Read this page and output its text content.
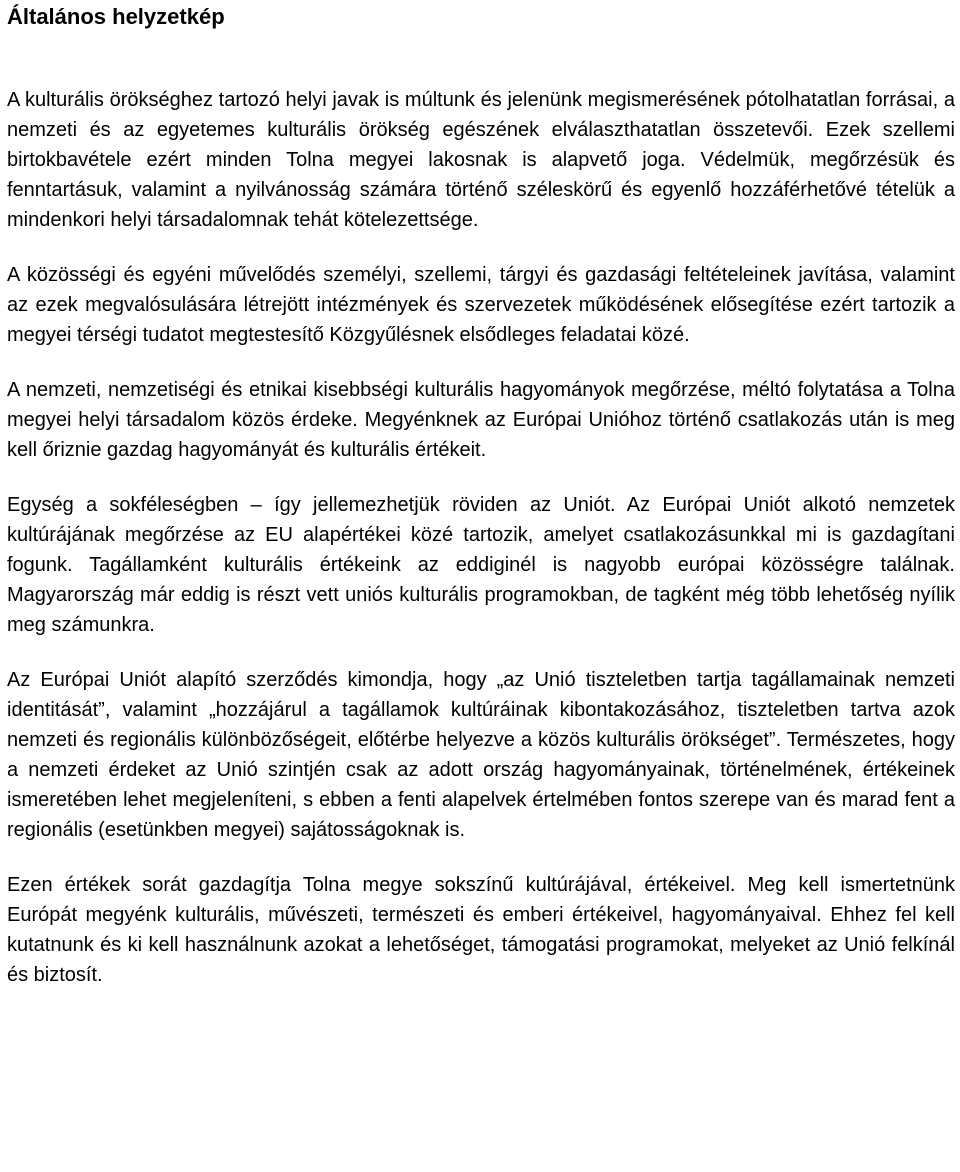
Általános helyzetkép

A kulturális örökséghez tartozó helyi javak is múltunk és jelenünk megismerésének pótolhatatlan forrásai, a nemzeti és az egyetemes kulturális örökség egészének elválaszthatatlan összetevői. Ezek szellemi birtokbavétele ezért minden Tolna megyei lakosnak is alapvető joga. Védelmük, megőrzésük és fenntartásuk, valamint a nyilvánosság számára történő széleskörű és egyenlő hozzáférhetővé tételük a mindenkori helyi társadalomnak tehát kötelezettsége.

A közösségi és egyéni művelődés személyi, szellemi, tárgyi és gazdasági feltételeinek javítása, valamint az ezek megvalósulására létrejött intézmények és szervezetek működésének elősegítése ezért tartozik a megyei térségi tudatot megtestesítő Közgyűlésnek elsődleges feladatai közé.

A nemzeti, nemzetiségi és etnikai kisebbségi kulturális hagyományok megőrzése, méltó folytatása a Tolna megyei helyi társadalom közös érdeke. Megyénknek az Európai Unióhoz történő csatlakozás után is meg kell őriznie gazdag hagyományát és kulturális értékeit.

Egység a sokféleségben – így jellemezhetjük röviden az Uniót. Az Európai Uniót alkotó nemzetek kultúrájának megőrzése az EU alapértékei közé tartozik, amelyet csatlakozásunkkal mi is gazdagítani fogunk. Tagállamként kulturális értékeink az eddiginél is nagyobb európai közösségre találnak. Magyarország már eddig is részt vett uniós kulturális programokban, de tagként még több lehetőség nyílik meg számunkra.

Az Európai Uniót alapító szerződés kimondja, hogy „az Unió tiszteletben tartja tagállamainak nemzeti identitását”, valamint „hozzájárul a tagállamok kultúráinak kibontakozásához, tiszteletben tartva azok nemzeti és regionális különbözőségeit, előtérbe helyezve a közös kulturális örökséget”. Természetes, hogy a nemzeti érdeket az Unió szintjén csak az adott ország hagyományainak, történelmének, értékeinek ismeretében lehet megjeleníteni, s ebben a fenti alapelvek értelmében fontos szerepe van és marad fent a regionális (esetünkben megyei) sajátosságoknak is.

Ezen értékek sorát gazdagítja Tolna megye sokszínű kultúrájával, értékeivel. Meg kell ismertetnünk Európát megyénk kulturális, művészeti, természeti és emberi értékeivel, hagyományaival. Ehhez fel kell kutatnunk és ki kell használnunk azokat a lehetőséget, támogatási programokat, melyeket az Unió felkínál és biztosít.
